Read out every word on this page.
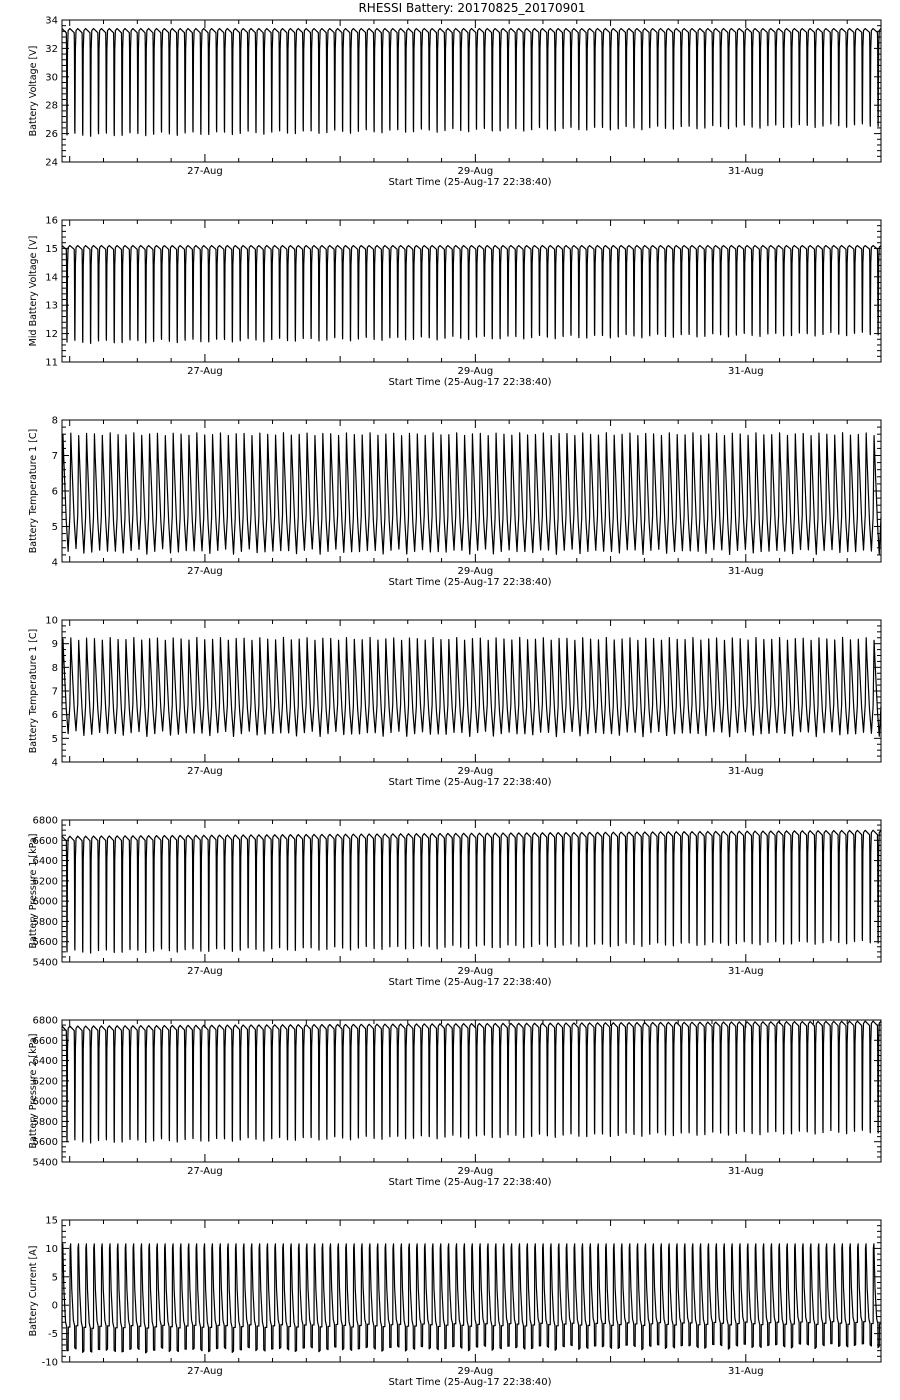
RHESSI Battery: 20170825_20170901
24
26
28
30
32
34
27-Aug	29-Aug	31-Aug
Start Time (25-Aug-17 22:38:40)
Battery Voltage [V]
11
12
13
14
15
16
27-Aug	29-Aug	31-Aug
Start Time (25-Aug-17 22:38:40)
Mid Battery Voltage [V]
4
5
6
7
8
27-Aug	29-Aug	31-Aug
Start Time (25-Aug-17 22:38:40)
Battery Temperature 1 [C]
4
5
6
7
8
9
10
27-Aug	29-Aug	31-Aug
Start Time (25-Aug-17 22:38:40)
Battery Temperature 1 [C]
5400
5600
5800
6000
6200
6400
6600
6800
27-Aug	29-Aug	31-Aug
Start Time (25-Aug-17 22:38:40)
Battery Pressure 1 [kPa]
5400
5600
5800
6000
6200
6400
6600
6800
27-Aug	29-Aug	31-Aug
Start Time (25-Aug-17 22:38:40)
Battery Pressure 2 [kPa]
-10
-5
0
5
10
15
27-Aug	29-Aug	31-Aug
Start Time (25-Aug-17 22:38:40)
Battery Current [A]
